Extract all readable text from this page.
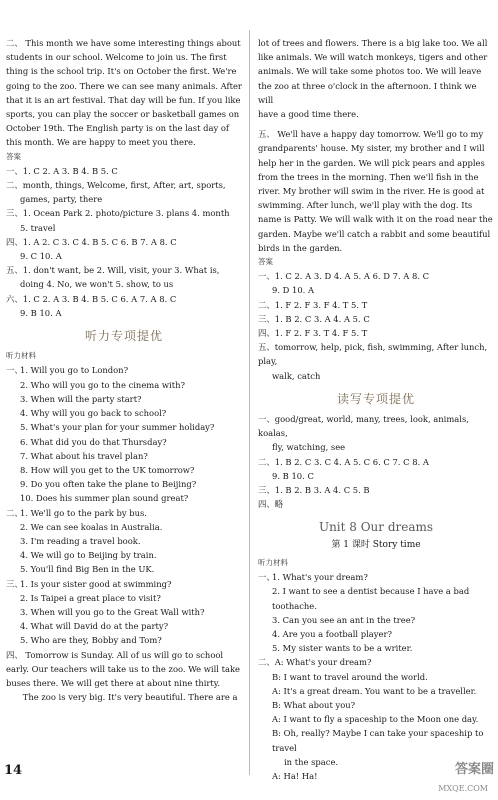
二、 This month we have some interesting things about

students in our school. Welcome to join us. The first

thing is the school trip. It's on October the first. We're

going to the zoo. There we can see many animals. After

that it is an art festival. That day will be fun. If you like

sports, you can play the soccer or basketball games on

October 19th. The English party is on the last day of

this month. We are happy to meet you there.

答案

一、1. C 2. A 3. B 4. B 5. C

二、month, things, Welcome, first, After, art, sports,

games, party, there

三、1. Ocean Park 2. photo/picture 3. plans 4. month

5. travel

四、1. A 2. C 3. C 4. B 5. C 6. B 7. A 8. C

9. C 10. A

五、1. don't want, be 2. Will, visit, your 3. What is,

doing 4. No, we won't 5. show, to us

六、1. C 2. A 3. B 4. B 5. C 6. A 7. A 8. C

9. B 10. A

听力专项提优

听力材料

一、

1. Will you go to London?

2. Who will you go to the cinema with?

3. When will the party start?

4. Why will you go back to school?

5. What's your plan for your summer holiday?

6. What did you do that Thursday?

7. What about his travel plan?

8. How will you get to the UK tomorrow?

9. Do you often take the plane to Beijing?

10. Does his summer plan sound great?

二、

1. We'll go to the park by bus.

2. We can see koalas in Australia.

3. I'm reading a travel book.

4. We will go to Beijing by train.

5. You'll find Big Ben in the UK.

三、

1. Is your sister good at swimming?

2. Is Taipei a great place to visit?

3. When will you go to the Great Wall with?

4. What will David do at the party?

5. Who are they, Bobby and Tom?

四、 Tomorrow is Sunday. All of us will go to school

early. Our teachers will take us to the zoo. We will take

buses there. We will get there at about nine thirty.

The zoo is very big. It's very beautiful. There are a

lot of trees and flowers. There is a big lake too. We all

like animals. We will watch monkeys, tigers and other

animals. We will take some photos too. We will leave

the zoo at three o'clock in the afternoon. I think we will

have a good time there.

五、 We'll have a happy day tomorrow. We'll go to my

grandparents' house. My sister, my brother and I will

help her in the garden. We will pick pears and apples

from the trees in the morning. Then we'll fish in the

river. My brother will swim in the river. He is good at

swimming. After lunch, we'll play with the dog. Its

name is Patty. We will walk with it on the road near the

garden. Maybe we'll catch a rabbit and some beautiful

birds in the garden.

答案

一、1. C 2. A 3. D 4. A 5. A 6. D 7. A 8. C

9. D 10. A

二、1. F 2. F 3. F 4. T 5. T

三、1. B 2. C 3. A 4. A 5. C

四、1. F 2. F 3. T 4. F 5. T

五、tomorrow, help, pick, fish, swimming, After lunch, play,

walk, catch

读写专项提优

一、good/great, world, many, trees, look, animals, koalas,

fly, watching, see

二、1. B 2. C 3. C 4. A 5. C 6. C 7. C 8. A

9. B 10. C

三、1. B 2. B 3. A 4. C 5. B

四、略

Unit 8 Our dreams
第 1 课时 Story time

听力材料

一、

1. What's your dream?

2. I want to see a dentist because I have a bad toothache.

3. Can you see an ant in the tree?

4. Are you a football player?

5. My sister wants to be a writer.

二、A: What's your dream?

B: I want to travel around the world.

A: It's a great dream. You want to be a traveller.

B: What about you?

A: I want to fly a spaceship to the Moon one day.

B: Oh, really? Maybe I can take your spaceship to travel

in the space.

A: Ha! Ha!

14	答案圈
MXQE.COM
